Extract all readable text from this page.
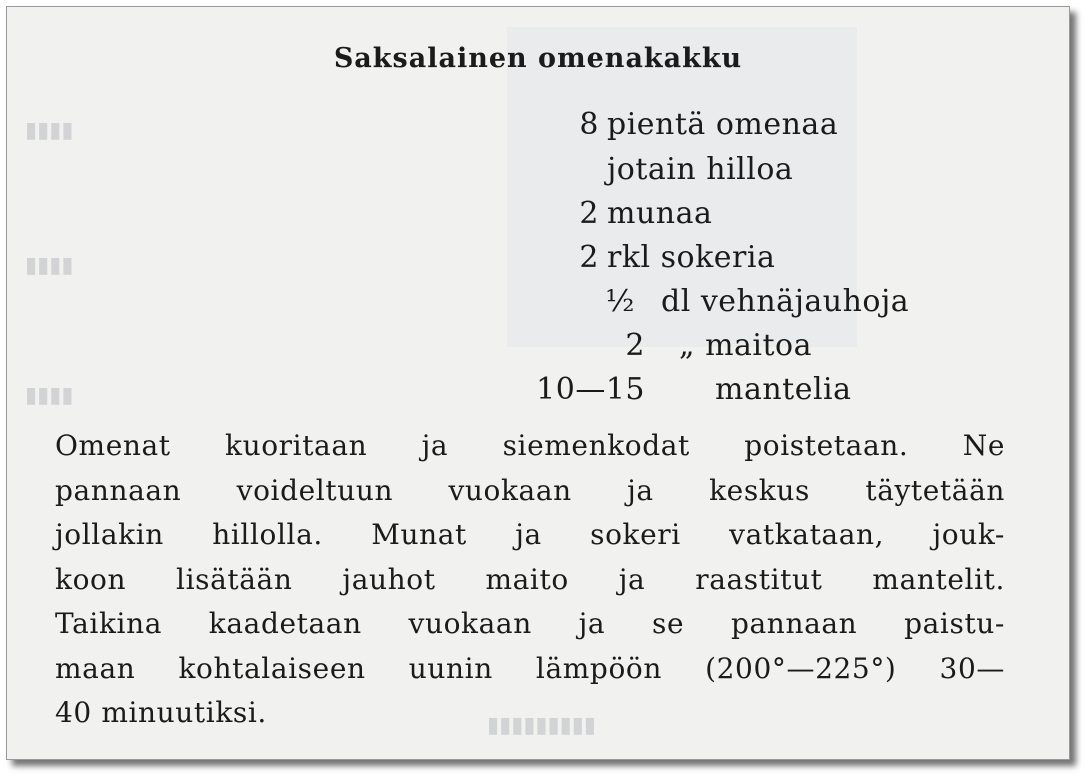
▮▮▮▮
▮▮▮▮
▮▮▮▮
▮▮▮▮▮▮▮▮▮
Saksalainen omenakakku
8 pientä omenaa
jotain hilloa
2 munaa
2 rkl sokeria
½ dl vehnäjauhoja
2 „ maitoa
10—15 mantelia
Omenat kuoritaan ja siemenkodat poistetaan. Ne
pannaan voideltuun vuokaan ja keskus täytetään
jollakin hillolla. Munat ja sokeri vatkataan, jouk-
koon lisätään jauhot maito ja raastitut mantelit.
Taikina kaadetaan vuokaan ja se pannaan paistu-
maan kohtalaiseen uunin lämpöön (200°—225°) 30—
40 minuutiksi.
